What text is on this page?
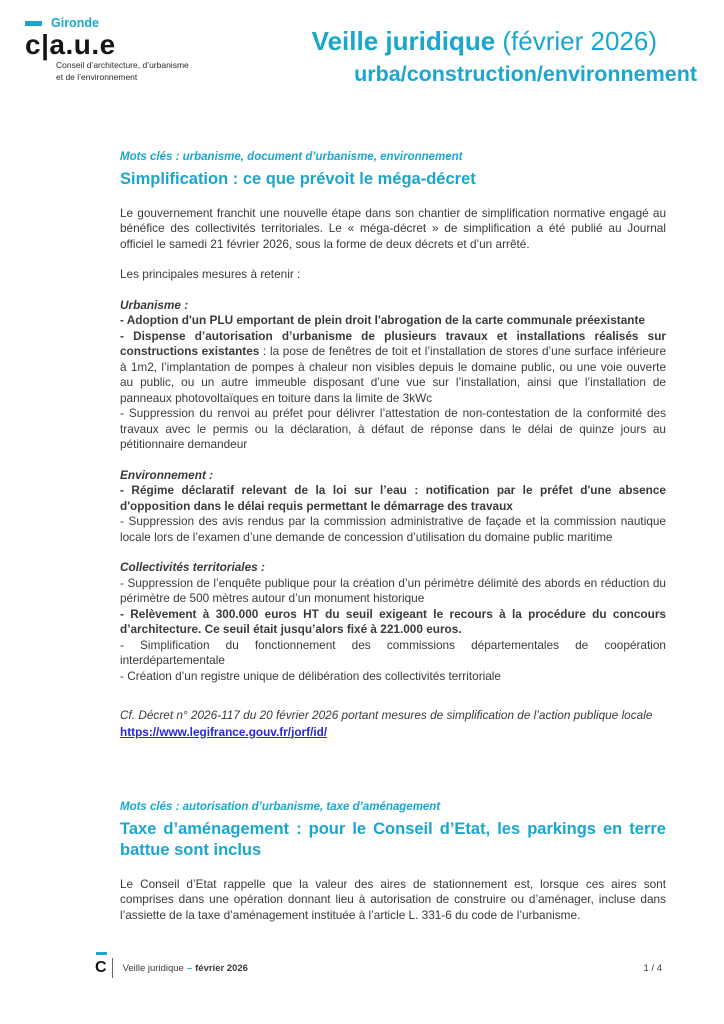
Gironde
c|a.u.e
Conseil d’architecture, d’urbanisme
et de l’environnement
Veille juridique (février 2026)
urba/construction/environnement
Mots clés : urbanisme, document d’urbanisme, environnement
Simplification : ce que prévoit le méga-décret

Le gouvernement franchit une nouvelle étape dans son chantier de simplification normative engagé au bénéfice des collectivités territoriales. Le « méga-décret » de simplification a été publié au Journal officiel le samedi 21 février 2026, sous la forme de deux décrets et d’un arrêté.

Les principales mesures à retenir :

Urbanisme :
- Adoption d'un PLU emportant de plein droit l'abrogation de la carte communale préexistante
- Dispense d’autorisation d’urbanisme de plusieurs travaux et installations réalisés sur constructions existantes : la pose de fenêtres de toit et l’installation de stores d’une surface inférieure à 1m2, l’implantation de pompes à chaleur non visibles depuis le domaine public, ou une voie ouverte au public, ou un autre immeuble disposant d’une vue sur l’installation, ainsi que l’installation de panneaux photovoltaïques en toiture dans la limite de 3kWc
- Suppression du renvoi au préfet pour délivrer l’attestation de non-contestation de la conformité des travaux avec le permis ou la déclaration, à défaut de réponse dans le délai de quinze jours au pétitionnaire demandeur
Environnement :
- Régime déclaratif relevant de la loi sur l’eau : notification par le préfet d'une absence d'opposition dans le délai requis permettant le démarrage des travaux
- Suppression des avis rendus par la commission administrative de façade et la commission nautique locale lors de l’examen d’une demande de concession d’utilisation du domaine public maritime
Collectivités territoriales :
- Suppression de l’enquête publique pour la création d’un périmètre délimité des abords en réduction du périmètre de 500 mètres autour d’un monument historique
- Relèvement à 300.000 euros HT du seuil exigeant le recours à la procédure du concours d’architecture. Ce seuil était jusqu’alors fixé à 221.000 euros.
- Simplification du fonctionnement des commissions départementales de coopération interdépartementale
- Création d’un registre unique de délibération des collectivités territoriale
Cf. Décret n° 2026-117 du 20 février 2026 portant mesures de simplification de l’action publique locale
https://www.legifrance.gouv.fr/jorf/id/
Mots clés : autorisation d’urbanisme, taxe d’aménagement
Taxe d’aménagement : pour le Conseil d’Etat, les parkings en terre battue sont inclus

Le Conseil d’Etat rappelle que la valeur des aires de stationnement est, lorsque ces aires sont comprises dans une opération donnant lieu à autorisation de construire ou d’aménager, incluse dans l’assiette de la taxe d’aménagement instituée à l’article L. 331-6 du code de l’urbanisme.

C Veille juridique – février 2026	1 / 4
